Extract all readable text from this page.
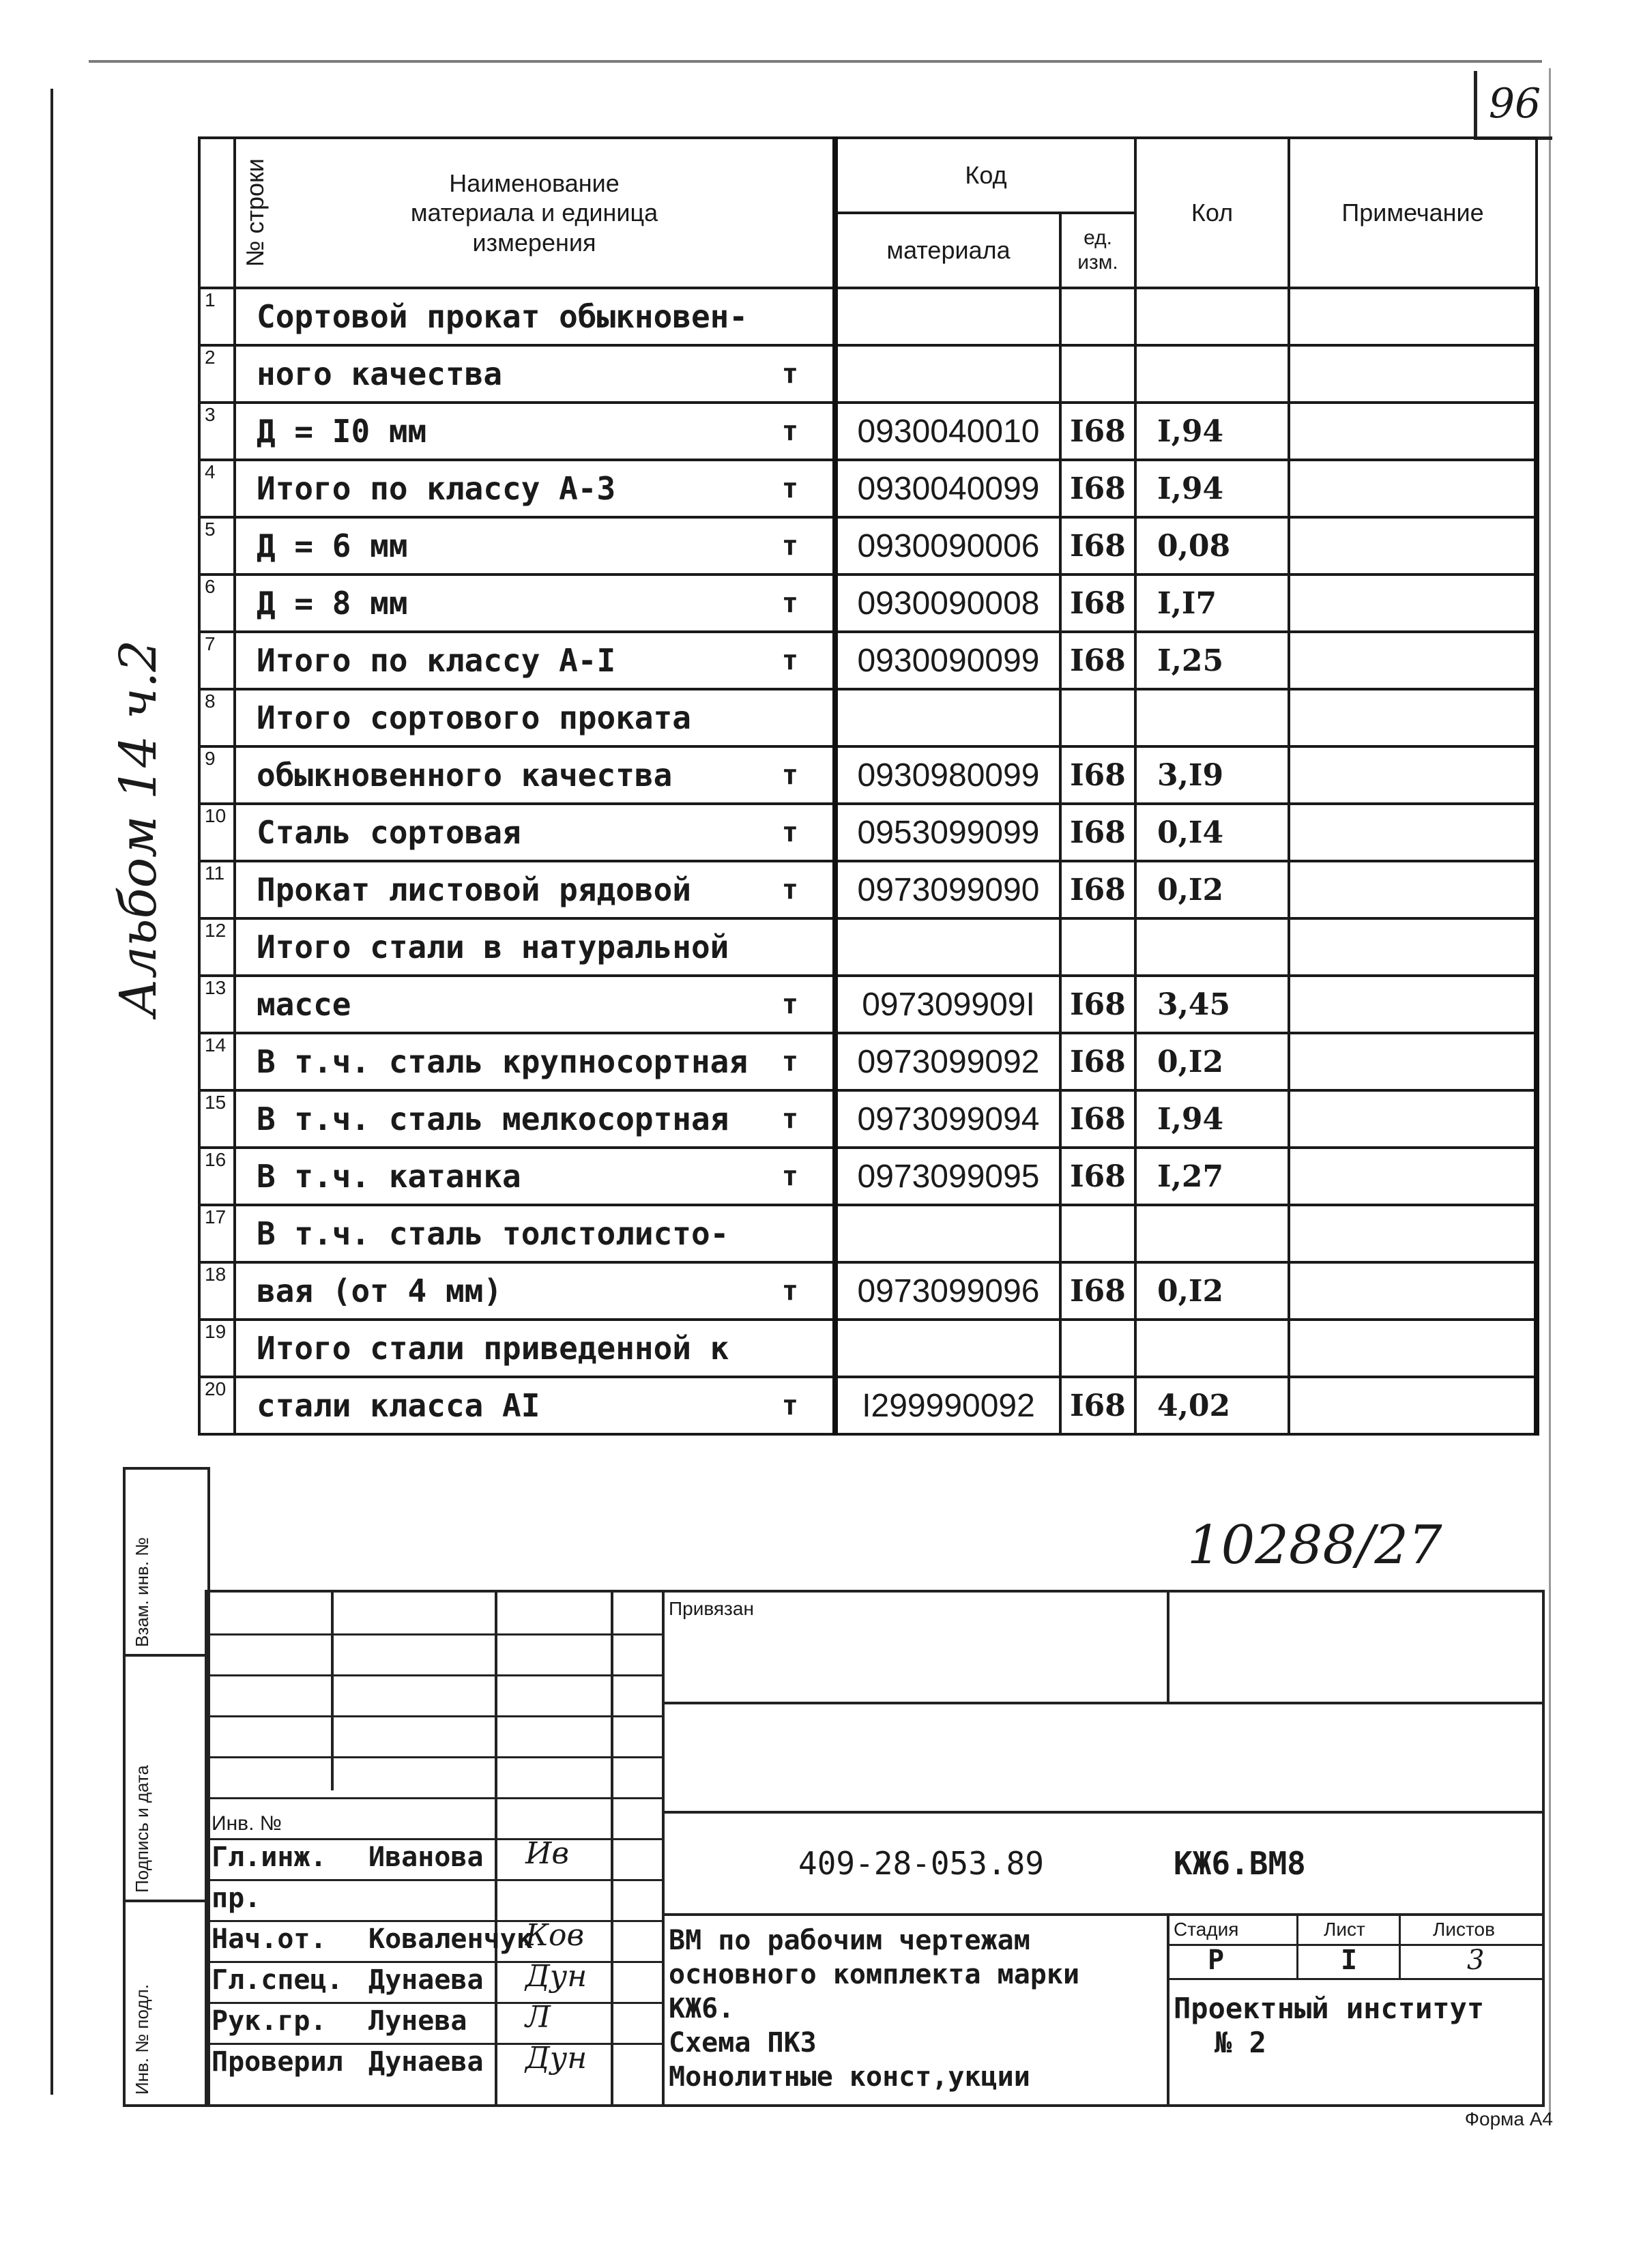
96
Альбом 14 ч.2
№ строки	Наименование материала и единица измерения	Код		Кол	Примечание
		материала	ед. изм.		
1	Сортовой прокат обыкновен-

2	ного качества т				

3	Д = I0 мм т	0930040010	I68	I,94	
4	Итого по классу А-3 т	0930040099	I68	I,94	
5	Д = 6 мм т	0930090006	I68	0,08	
6	Д = 8 мм т	0930090008	I68	I,I7	
7	Итого по классу А-I т	0930090099	I68	I,25	
8	Итого сортового проката

9	обыкновенного качества т	0930980099	I68	3,I9	
10	Сталь сортовая т	0953099099	I68	0,I4	
11	Прокат листовой рядовой т	0973099090	I68	0,I2	
12	Итого стали в натуральной

13	массе т	097309909I	I68	3,45	
14	В т.ч. сталь крупносортная т	0973099092	I68	0,I2	
15	В т.ч. сталь мелкосортная т	0973099094	I68	I,94	
16	В т.ч. катанка т	0973099095	I68	I,27	
17	В т.ч. сталь толстолисто-

18	вая (от 4 мм) т	0973099096	I68	0,I2	
19	Итого стали приведенной к

20	стали класса АI т	I299990092	I68	4,02	
10288/27
Взам. инв. №
Подпись и дата
Инв. № подл.
Привязан
Инв. №
Гл.инж. Иванова Ив
пр.
Нач.от. Коваленчук
Ков
Гл.спец. Дунаева Дун
Рук.гр. Лунева Л
Проверил Дунаева Дун
409-28-053.89	КЖ6.ВМ8
ВМ по рабочим чертежам
основного комплекта марки
КЖ6.
Схема ПК3
Монолитные конст,укции
Стадия	Лист	Листов
Р	I	3
Проектный институт
№ 2
Форма А4
